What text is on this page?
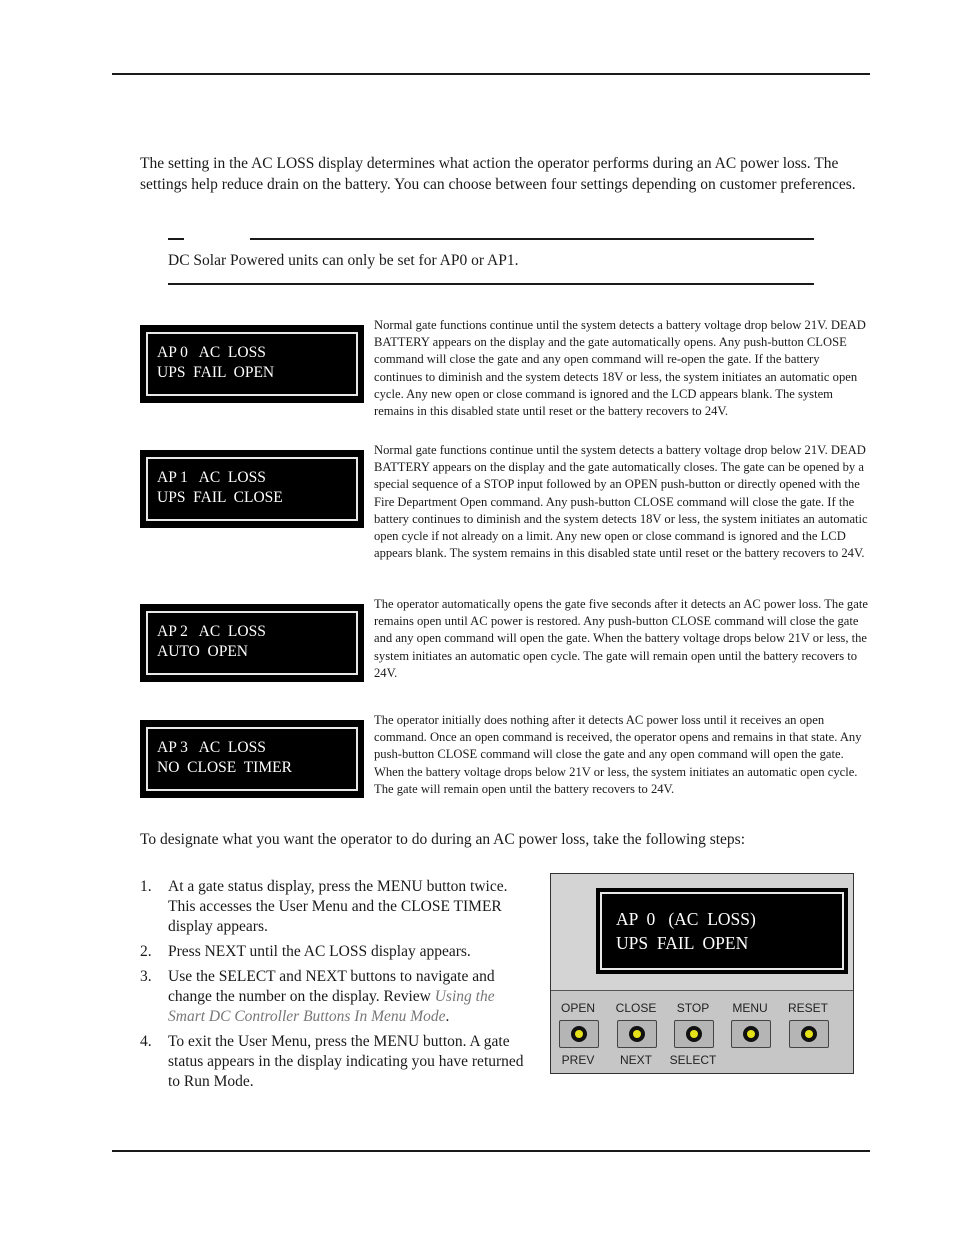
The setting in the AC LOSS display determines what action the operator performs during an AC power loss. The settings help reduce drain on the battery. You can choose between four settings depending on customer preferences.

DC Solar Powered units can only be set for AP0 or AP1.
AP 0   AC  LOSS
UPS  FAIL  OPEN

Normal gate functions continue until the system detects a battery voltage drop below 21V. DEAD BATTERY appears on the display and the gate automatically opens. Any push-button CLOSE command will close the gate and any open command will re-open the gate. If the battery continues to diminish and the system detects 18V or less, the system initiates an automatic open cycle. Any new open or close command is ignored and the LCD appears blank. The system remains in this disabled state until reset or the battery recovers to 24V.

AP 1   AC  LOSS
UPS  FAIL  CLOSE

Normal gate functions continue until the system detects a battery voltage drop below 21V. DEAD BATTERY appears on the display and the gate automatically closes. The gate can be opened by a special sequence of a STOP input followed by an OPEN push-button or directly opened with the Fire Department Open command. Any push-button CLOSE command will close the gate. If the battery continues to diminish and the system detects 18V or less, the system initiates an automatic open cycle if not already on a limit. Any new open or close command is ignored and the LCD appears blank. The system remains in this disabled state until reset or the battery recovers to 24V.

AP 2   AC  LOSS
AUTO  OPEN

The operator automatically opens the gate five seconds after it detects an AC power loss. The gate remains open until AC power is restored. Any push-button CLOSE command will close the gate and any open command will open the gate. When the battery voltage drops below 21V or less, the system initiates an automatic open cycle. The gate will remain open until the battery recovers to 24V.

AP 3   AC  LOSS
NO  CLOSE  TIMER

The operator initially does nothing after it detects AC power loss until it receives an open command. Once an open command is received, the operator opens and remains in that state. Any push-button CLOSE command will close the gate and any open command will open the gate. When the battery voltage drops below 21V or less, the system initiates an automatic open cycle. The gate will remain open until the battery recovers to 24V.

To designate what you want the operator to do during an AC power loss, take the following steps:

1. At a gate status display, press the MENU button twice. This accesses the User Menu and the CLOSE TIMER display appears.
2. Press NEXT until the AC LOSS display appears.
3. Use the SELECT and NEXT buttons to navigate and change the number on the display. Review Using the Smart DC Controller Buttons In Menu Mode.
4. To exit the User Menu, press the MENU button. A gate status appears in the display indicating you have returned to Run Mode.
AP  0   (AC  LOSS)
UPS  FAIL  OPEN
OPEN	CLOSE	STOP	MENU	RESET
PREV	NEXT	SELECT
